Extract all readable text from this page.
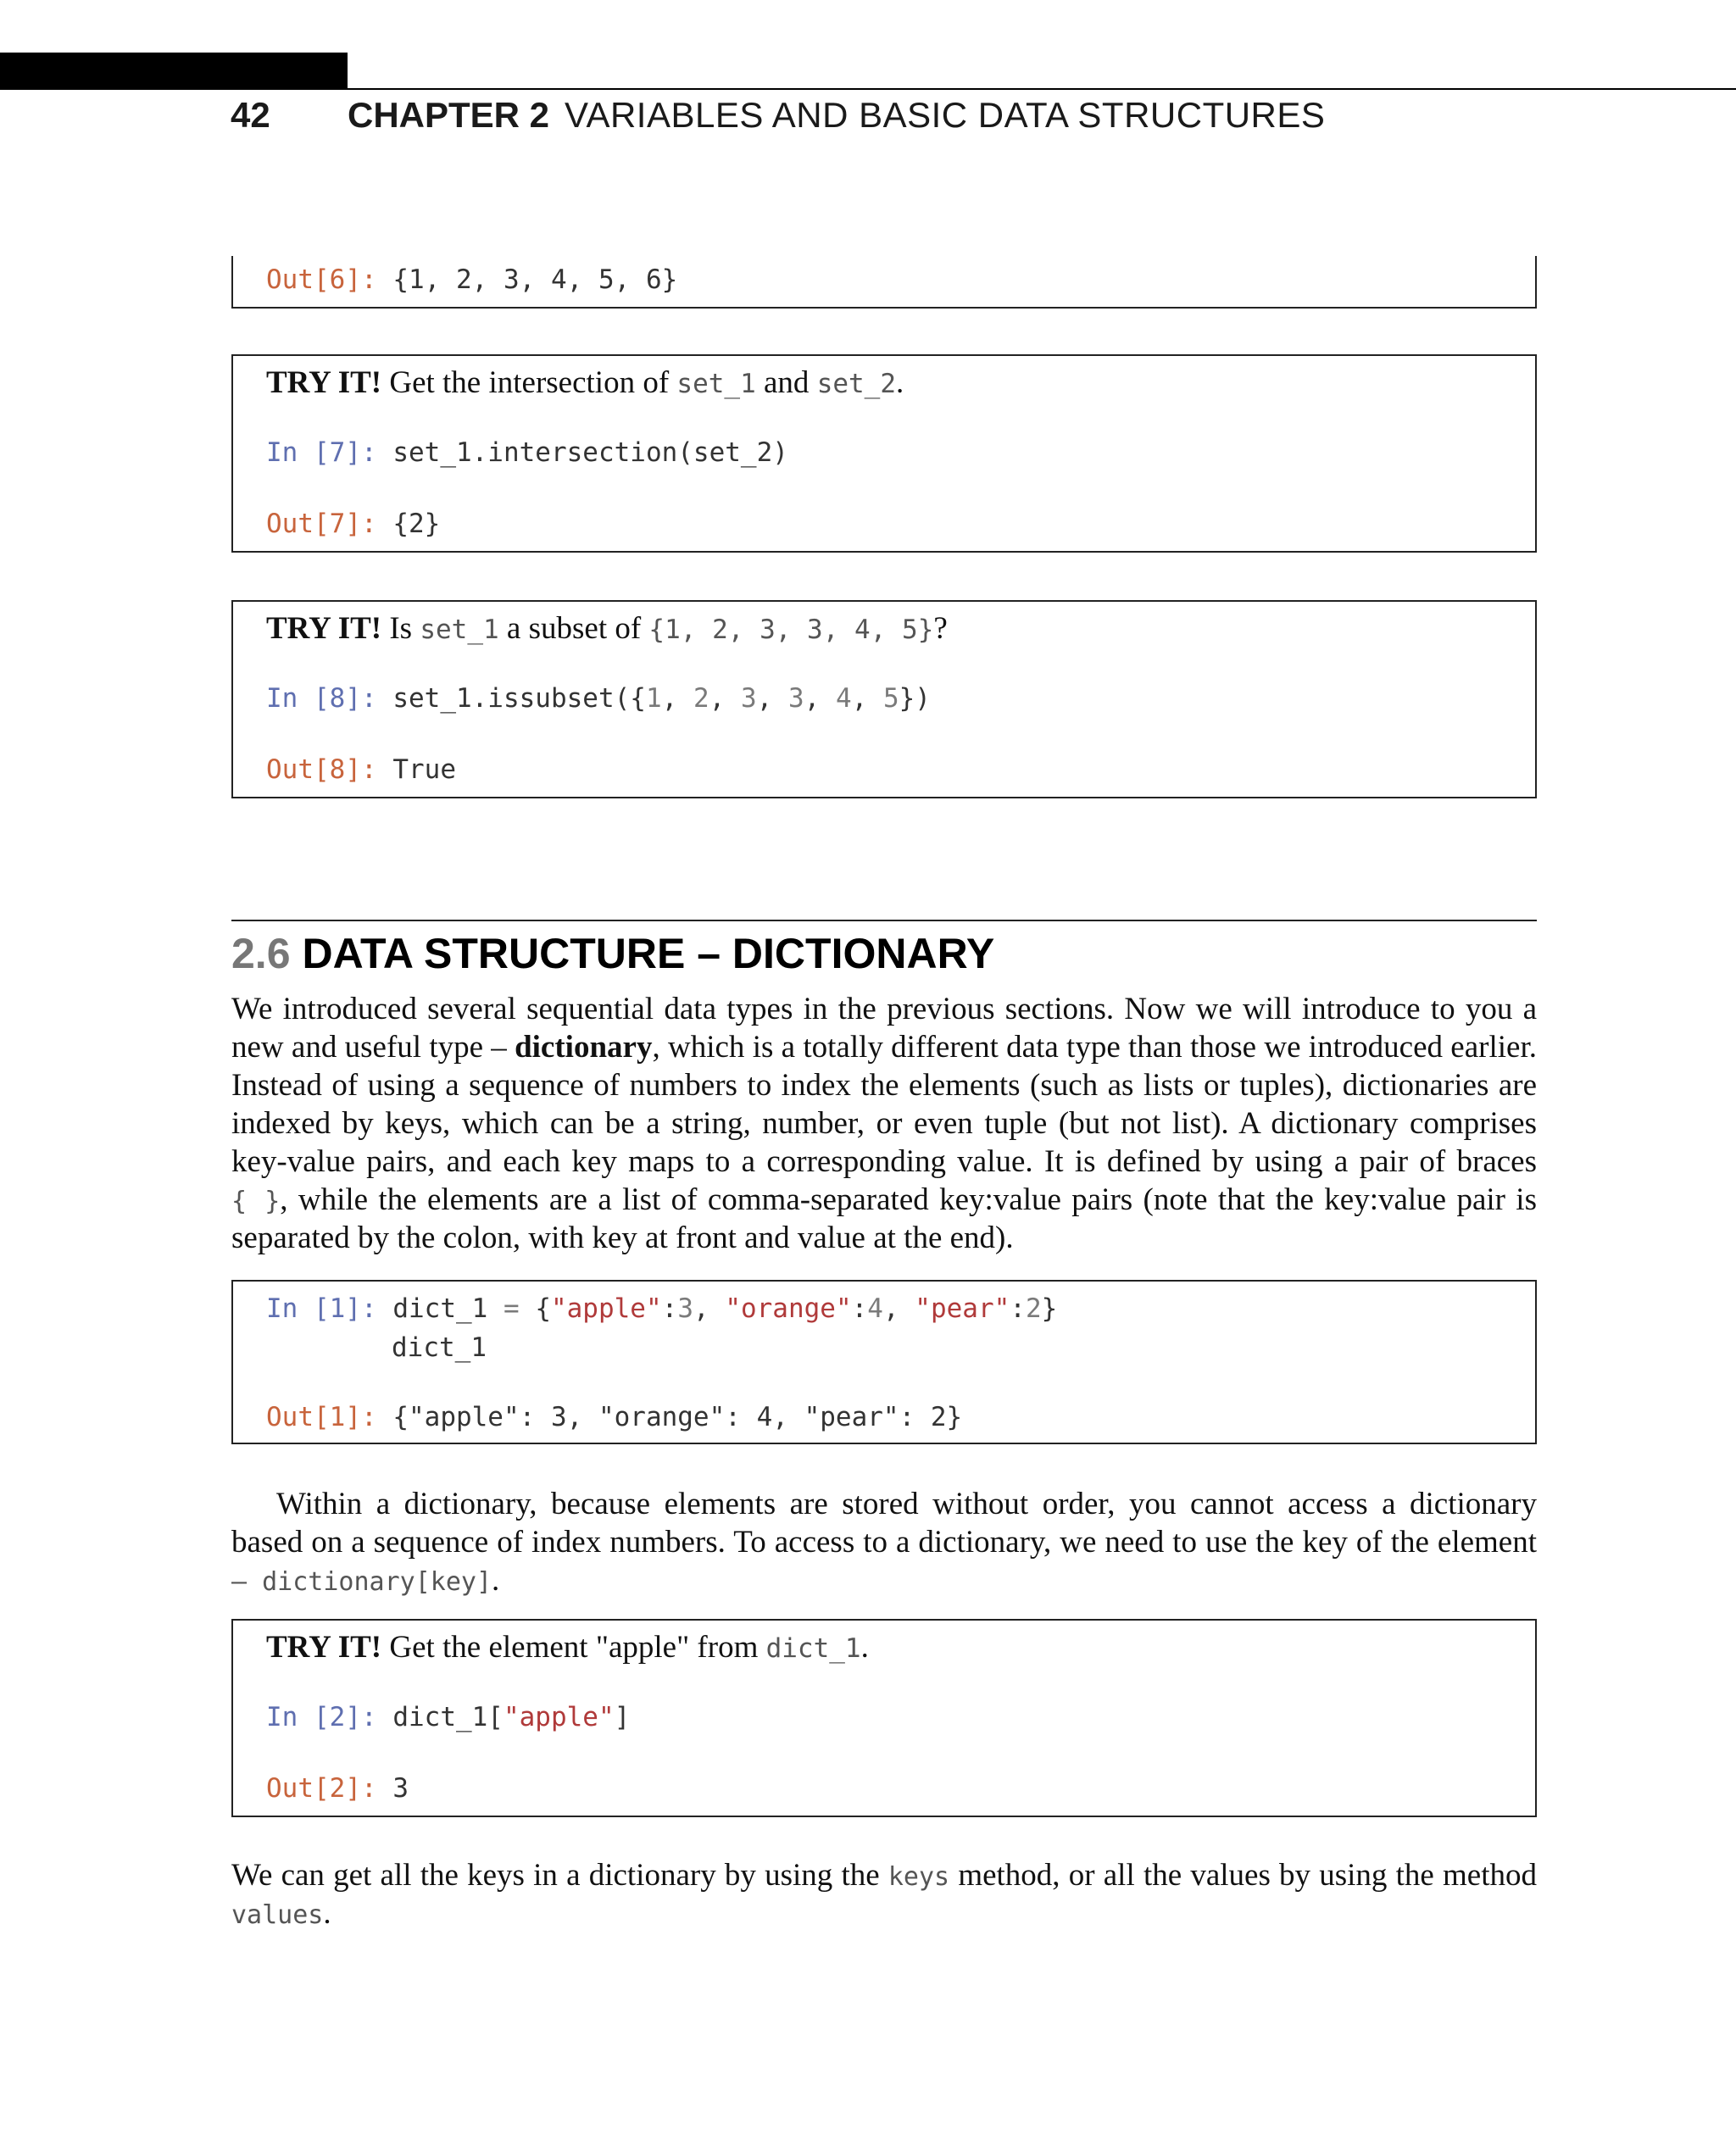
42	CHAPTER 2 VARIABLES AND BASIC DATA STRUCTURES
Out[6]: {1, 2, 3, 4, 5, 6}
TRY IT! Get the intersection of set_1 and set_2.
In [7]: set_1.intersection(set_2)
Out[7]: {2}
TRY IT! Is set_1 a subset of {1, 2, 3, 3, 4, 5}?
In [8]: set_1.issubset({1, 2, 3, 3, 4, 5})
Out[8]: True
2.6 DATA STRUCTURE – DICTIONARY
We introduced several sequential data types in the previous sections. Now we will introduce to you a
new and useful type – dictionary, which is a totally different data type than those we introduced earlier.
Instead of using a sequence of numbers to index the elements (such as lists or tuples), dictionaries are
indexed by keys, which can be a string, number, or even tuple (but not list). A dictionary comprises
key-value pairs, and each key maps to a corresponding value. It is defined by using a pair of braces
{ }, while the elements are a list of comma-separated key:value pairs (note that the key:value pair is
separated by the colon, with key at front and value at the end).
In [1]: dict_1 = {"apple":3, "orange":4, "pear":2}
dict_1
Out[1]: {"apple": 3, "orange": 4, "pear": 2}
Within a dictionary, because elements are stored without order, you cannot access a dictionary
based on a sequence of index numbers. To access to a dictionary, we need to use the key of the element
– dictionary[key].
TRY IT! Get the element "apple" from dict_1.
In [2]: dict_1["apple"]
Out[2]: 3
We can get all the keys in a dictionary by using the keys method, or all the values by using the method
values.
